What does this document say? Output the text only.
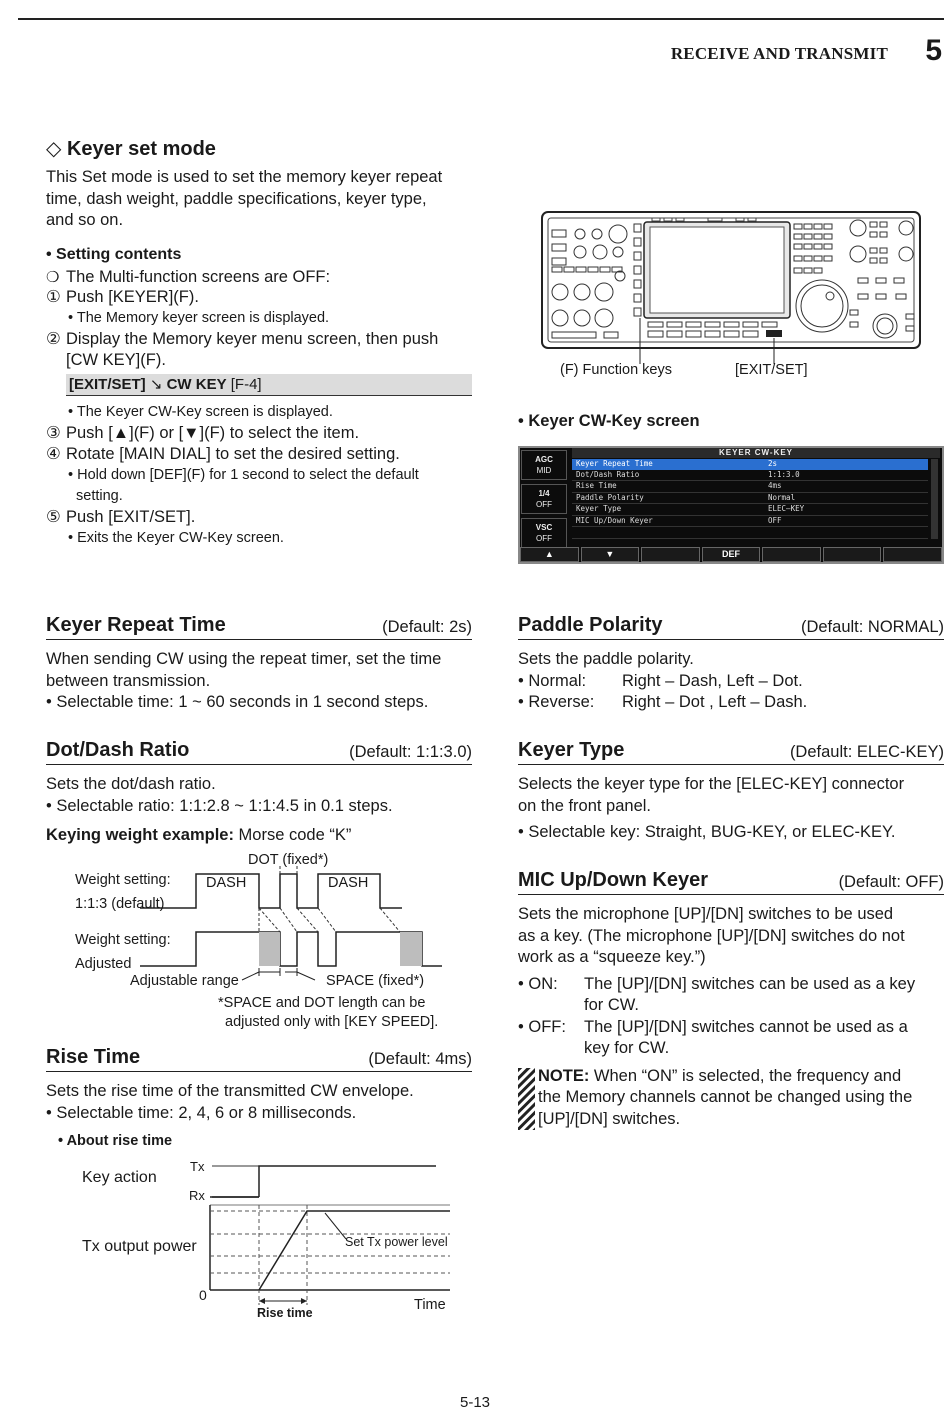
RECEIVE AND TRANSMIT 5
◇ Keyer set mode

This Set mode is used to set the memory keyer repeat

time, dash weight, paddle specifications, keyer type,

and so on.

• Setting contents
❍ The Multi-function screens are OFF:
① Push [KEYER](F).
• The Memory keyer screen is displayed.
② Display the Memory keyer menu screen, then push
[CW KEY](F).
[EXIT/SET] ↘ CW KEY [F-4]
• The Keyer CW-Key screen is displayed.
③ Push [▲](F) or [▼](F) to select the item.
④ Rotate [MAIN DIAL] to set the desired setting.
• Hold down [DEF](F) for 1 second to select the default
setting.
⑤ Push [EXIT/SET].
• Exits the Keyer CW-Key screen.
(F) Function keys	[EXIT/SET]
• Keyer CW-Key screen
AGC
MID
1/4
OFF
VSC
OFF
KEYER CW-KEY
Keyer Repeat Time	2s
Dot/Dash Ratio	1:1:3.0
Rise Time	4ms
Paddle Polarity	Normal
Keyer Type	ELEC–KEY
MIC Up/Down Keyer	OFF
▲	▼	DEF
Keyer Repeat Time	(Default: 2s)

When sending CW using the repeat timer, set the time

between transmission.

• Selectable time: 1 ~ 60 seconds in 1 second steps.

Dot/Dash Ratio	(Default: 1:1:3.0)

Sets the dot/dash ratio.

• Selectable ratio: 1:1:2.8 ~ 1:1:4.5 in 0.1 steps.

Keying weight example: Morse code “K”
DOT (fixed*)
Weight setting:
1:1:3 (default)
Weight setting:
Adjusted
DASH	DASH
Adjustable range	SPACE (fixed*)
*SPACE and DOT length can be
adjusted only with [KEY SPEED].
Rise Time	(Default: 4ms)

Sets the rise time of the transmitted CW envelope.

• Selectable time: 2, 4, 6 or 8 milliseconds.

• About rise time
Key action
Tx
Rx
Tx output power	Set Tx power level
0
Rise time	Time
Paddle Polarity	(Default: NORMAL)

Sets the paddle polarity.

• Normal:	Right – Dash, Left – Dot.
• Reverse:	Right – Dot , Left – Dash.
Keyer Type	(Default: ELEC-KEY)

Selects the keyer type for the [ELEC-KEY] connector

on the front panel.

• Selectable key: Straight, BUG-KEY, or ELEC-KEY.

MIC Up/Down Keyer	(Default: OFF)

Sets the microphone [UP]/[DN] switches to be used

as a key. (The microphone [UP]/[DN] switches do not

work as a “squeeze key.”)

• ON:	The [UP]/[DN] switches can be used as a key

for CW.

• OFF:	The [UP]/[DN] switches cannot be used as a

key for CW.

NOTE: When “ON” is selected, the frequency and

the Memory channels cannot be changed using the

[UP]/[DN] switches.

5-13
